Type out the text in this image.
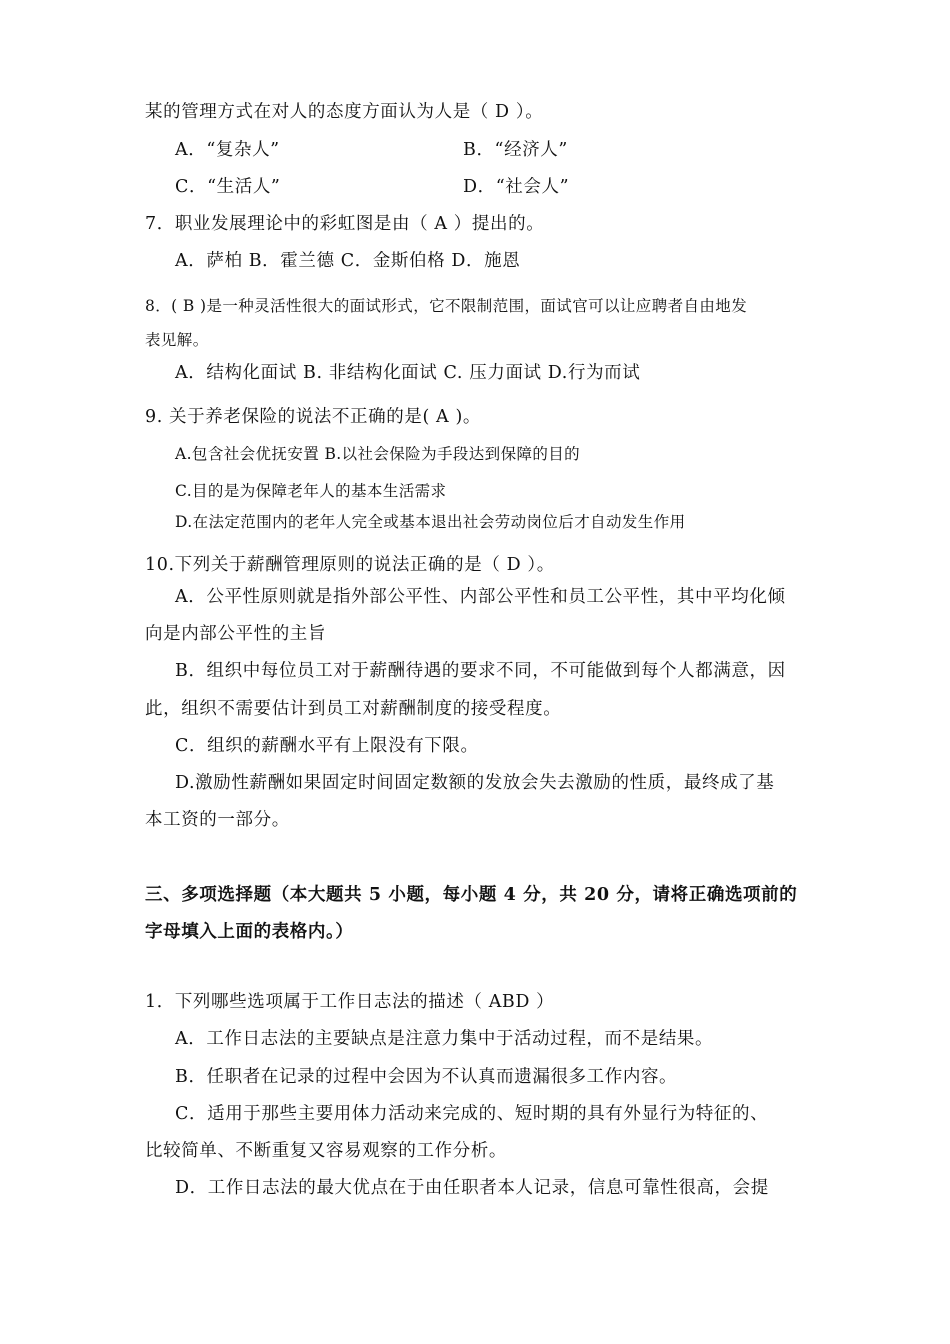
某的管理方式在对人的态度方面认为人是（ D ）。
A．“复杂人”	B．“经济人”
C．“生活人”	D．“社会人”
7．职业发展理论中的彩虹图是由（ A ）提出的。
A．萨柏 B．霍兰德 C．金斯伯格 D．施恩
8．( B )是一种灵活性很大的面试形式，它不限制范围，面试官可以让应聘者自由地发
表见解。
A．结构化面试 B. 非结构化面试 C. 压力面试 D.行为而试
9. 关于养老保险的说法不正确的是( A )。
A.包含社会优抚安置 B.以社会保险为手段达到保障的目的
C.目的是为保障老年人的基本生活需求
D.在法定范围内的老年人完全或基本退出社会劳动岗位后才自动发生作用
10.下列关于薪酬管理原则的说法正确的是（ D ）。
A．公平性原则就是指外部公平性、内部公平性和员工公平性，其中平均化倾
向是内部公平性的主旨
B．组织中每位员工对于薪酬待遇的要求不同，不可能做到每个人都满意，因
此，组织不需要估计到员工对薪酬制度的接受程度。
C．组织的薪酬水平有上限没有下限。
D.激励性薪酬如果固定时间固定数额的发放会失去激励的性质，最终成了基
本工资的一部分。
三、多项选择题（本大题共 5 小题，每小题 4 分，共 20 分，请将正确选项前的
字母填入上面的表格内。）
1．下列哪些选项属于工作日志法的描述（ ABD ）
A．工作日志法的主要缺点是注意力集中于活动过程，而不是结果。
B．任职者在记录的过程中会因为不认真而遗漏很多工作内容。
C．适用于那些主要用体力活动来完成的、短时期的具有外显行为特征的、
比较简单、不断重复又容易观察的工作分析。
D．工作日志法的最大优点在于由任职者本人记录，信息可靠性很高，会提
